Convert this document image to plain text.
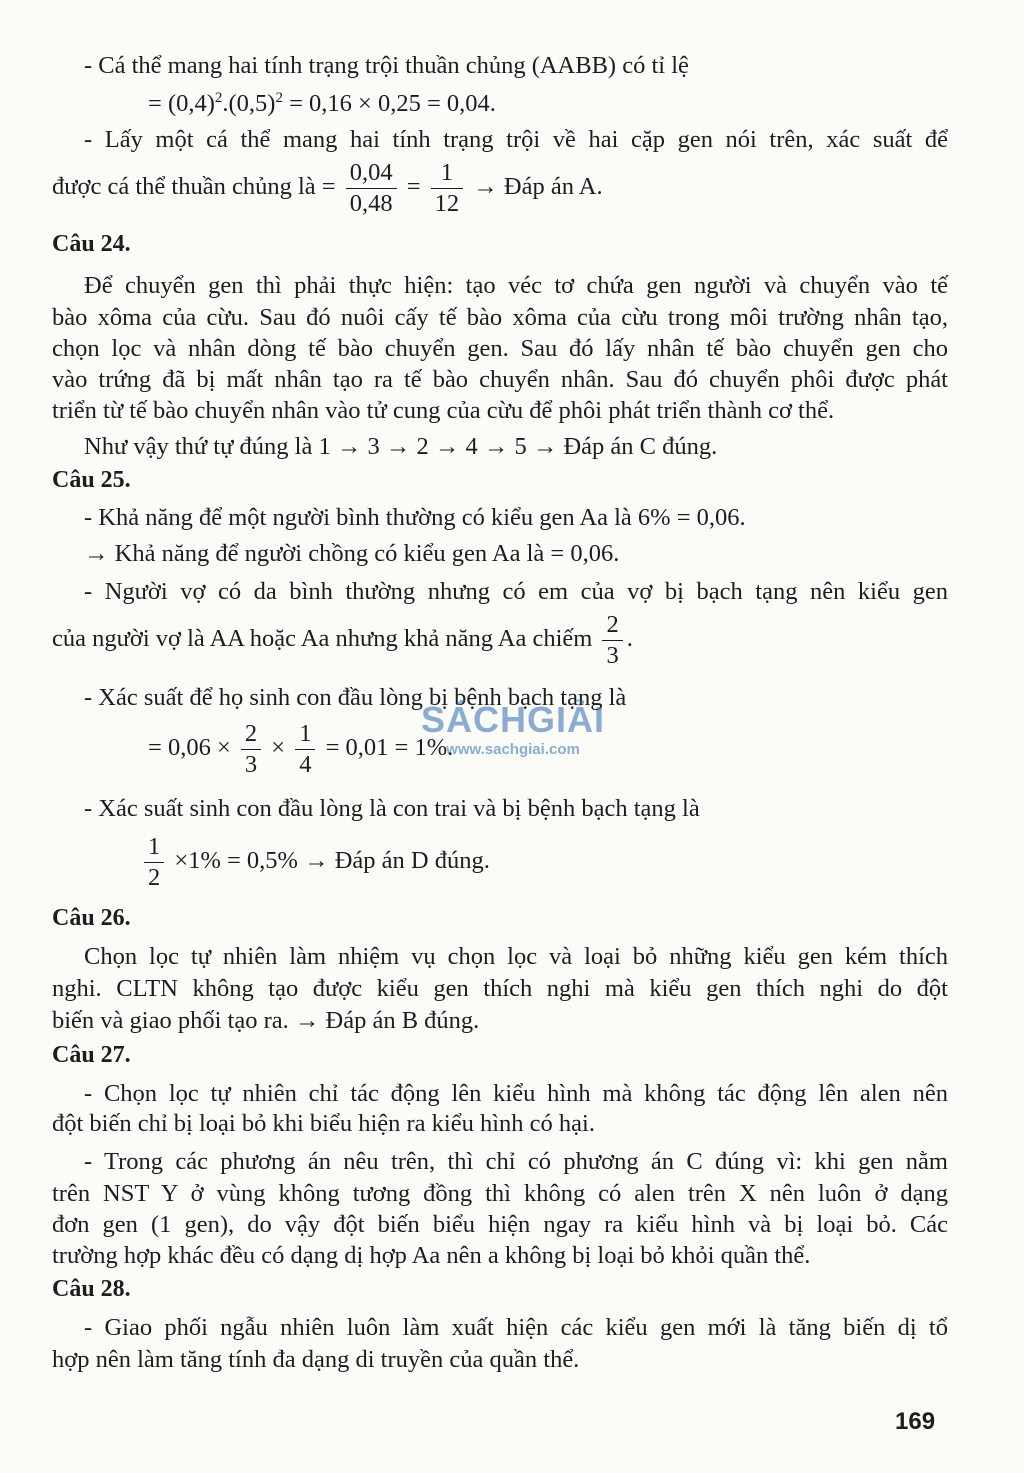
- Cá thể mang hai tính trạng trội thuần chủng (AABB) có tỉ lệ
= $(0,4)^2.(0,5)^2 = 0,16 \times 0,25 = 0,04$.
- Lấy một cá thể mang hai tính trạng trội về hai cặp gen nói trên, xác suất để
được cá thể thuần chủng là = $\frac{0,04}{0,48} = \frac{1}{12}$ → Đáp án A.
Câu 24.
Để chuyển gen thì phải thực hiện: tạo véc tơ chứa gen người và chuyển vào tế
bào xôma của cừu. Sau đó nuôi cấy tế bào xôma của cừu trong môi trường nhân tạo,
chọn lọc và nhân dòng tế bào chuyển gen. Sau đó lấy nhân tế bào chuyển gen cho
vào trứng đã bị mất nhân tạo ra tế bào chuyển nhân. Sau đó chuyển phôi được phát
triển từ tế bào chuyển nhân vào tử cung của cừu để phôi phát triển thành cơ thể.
Như vậy thứ tự đúng là 1 → 3 → 2 → 4 → 5 → Đáp án C đúng.
Câu 25.
- Khả năng để một người bình thường có kiểu gen Aa là 6% = 0,06.
→ Khả năng để người chồng có kiểu gen Aa là = 0,06.
- Người vợ có da bình thường nhưng có em của vợ bị bạch tạng nên kiểu gen
của người vợ là AA hoặc Aa nhưng khả năng Aa chiếm $\frac{2}{3}$ .
- Xác suất để họ sinh con đầu lòng bị bệnh bạch tạng là
= $0,06 \times \frac{2}{3} \times \frac{1}{4} = 0,01 = 1\%$.
- Xác suất sinh con đầu lòng là con trai và bị bệnh bạch tạng là
$\frac{1}{2} \times 1\% = 0,5\%$ → Đáp án D đúng.
Câu 26.
Chọn lọc tự nhiên làm nhiệm vụ chọn lọc và loại bỏ những kiểu gen kém thích
nghi. CLTN không tạo được kiểu gen thích nghi mà kiểu gen thích nghi do đột
biến và giao phối tạo ra. → Đáp án B đúng.
Câu 27.
- Chọn lọc tự nhiên chỉ tác động lên kiểu hình mà không tác động lên alen nên
đột biến chỉ bị loại bỏ khi biểu hiện ra kiểu hình có hại.
- Trong các phương án nêu trên, thì chỉ có phương án C đúng vì: khi gen nằm
trên NST Y ở vùng không tương đồng thì không có alen trên X nên luôn ở dạng
đơn gen (1 gen), do vậy đột biến biểu hiện ngay ra kiểu hình và bị loại bỏ. Các
trường hợp khác đều có dạng dị hợp Aa nên a không bị loại bỏ khỏi quần thể.
Câu 28.
- Giao phối ngẫu nhiên luôn làm xuất hiện các kiểu gen mới là tăng biến dị tổ
hợp nên làm tăng tính đa dạng di truyền của quần thể.
SÁCHGIẢI
www.sachgiai.com
169
